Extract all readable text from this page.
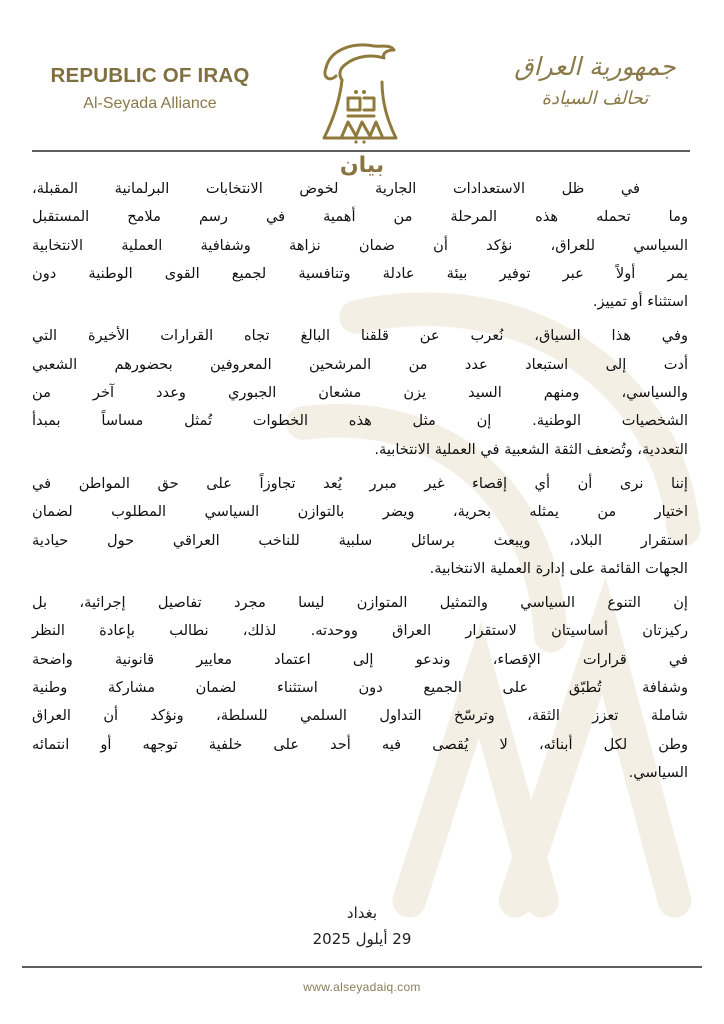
REPUBLIC OF IRAQ
Al-Seyada Alliance
جمهورية العراق
تحالف السيادة
بيان
في ظل الاستعدادات الجارية لخوض الانتخابات البرلمانية المقبلة،
وما تحمله هذه المرحلة من أهمية في رسم ملامح المستقبل
السياسي للعراق، نؤكد أن ضمان نزاهة وشفافية العملية الانتخابية
يمر أولاً عبر توفير بيئة عادلة وتنافسية لجميع القوى الوطنية دون
استثناء أو تمييز.
وفي هذا السياق، نُعرب عن قلقنا البالغ تجاه القرارات الأخيرة التي
أدت إلى استبعاد عدد من المرشحين المعروفين بحضورهم الشعبي
والسياسي، ومنهم السيد يزن مشعان الجبوري وعدد آخر من
الشخصيات الوطنية. إن مثل هذه الخطوات تُمثل مساساً بمبدأ
التعددية، وتُضعف الثقة الشعبية في العملية الانتخابية.
إننا نرى أن أي إقصاء غير مبرر يُعد تجاوزاً على حق المواطن في
اختيار من يمثله بحرية، ويضر بالتوازن السياسي المطلوب لضمان
استقرار البلاد، ويبعث برسائل سلبية للناخب العراقي حول حيادية
الجهات القائمة على إدارة العملية الانتخابية.
إن التنوع السياسي والتمثيل المتوازن ليسا مجرد تفاصيل إجرائية، بل
ركيزتان أساسيتان لاستقرار العراق ووحدته. لذلك، نطالب بإعادة النظر
في قرارات الإقصاء، وندعو إلى اعتماد معايير قانونية واضحة
وشفافة تُطبّق على الجميع دون استثناء لضمان مشاركة وطنية
شاملة تعزز الثقة، وترسّخ التداول السلمي للسلطة، ونؤكد أن العراق
وطن لكل أبنائه، لا يُقصى فيه أحد على خلفية توجهه أو انتمائه
السياسي.
بغداد
29 أيلول 2025
www.alseyadaiq.com
